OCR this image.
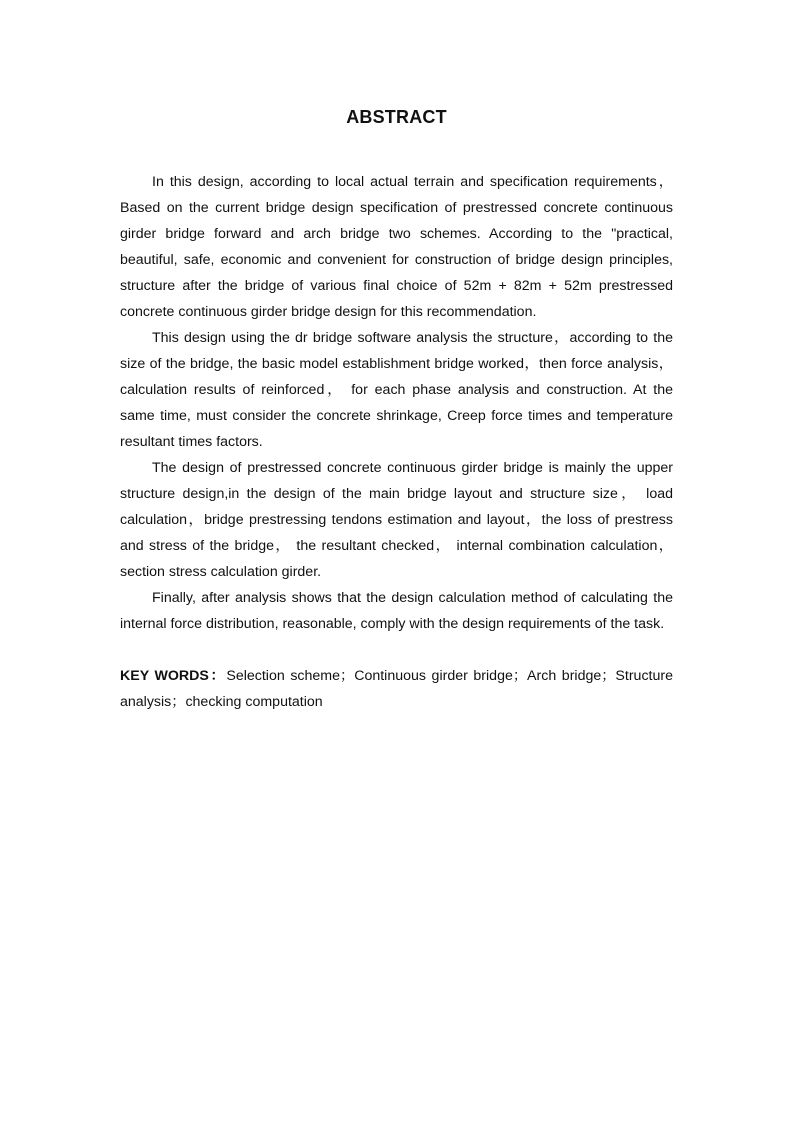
ABSTRACT

In this design, according to local actual terrain and specification requirements，Based on the current bridge design specification of prestressed concrete continuous girder bridge forward and arch bridge two schemes. According to the "practical, beautiful, safe, economic and convenient for construction of bridge design principles, structure after the bridge of various final choice of 52m + 82m + 52m prestressed concrete continuous girder bridge design for this recommendation.

This design using the dr bridge software analysis the structure，according to the size of the bridge, the basic model establishment bridge worked，then force analysis，calculation results of reinforced， for each phase analysis and construction. At the same time, must consider the concrete shrinkage, Creep force times and temperature resultant times factors.

The design of prestressed concrete continuous girder bridge is mainly the upper structure design,in the design of the main bridge layout and structure size， load calculation，bridge prestressing tendons estimation and layout，the loss of prestress and stress of the bridge， the resultant checked， internal combination calculation， section stress calculation girder.

Finally, after analysis shows that the design calculation method of calculating the internal force distribution, reasonable, comply with the design requirements of the task.

KEY WORDS：Selection scheme；Continuous girder bridge；Arch bridge；Structure analysis；checking computation
